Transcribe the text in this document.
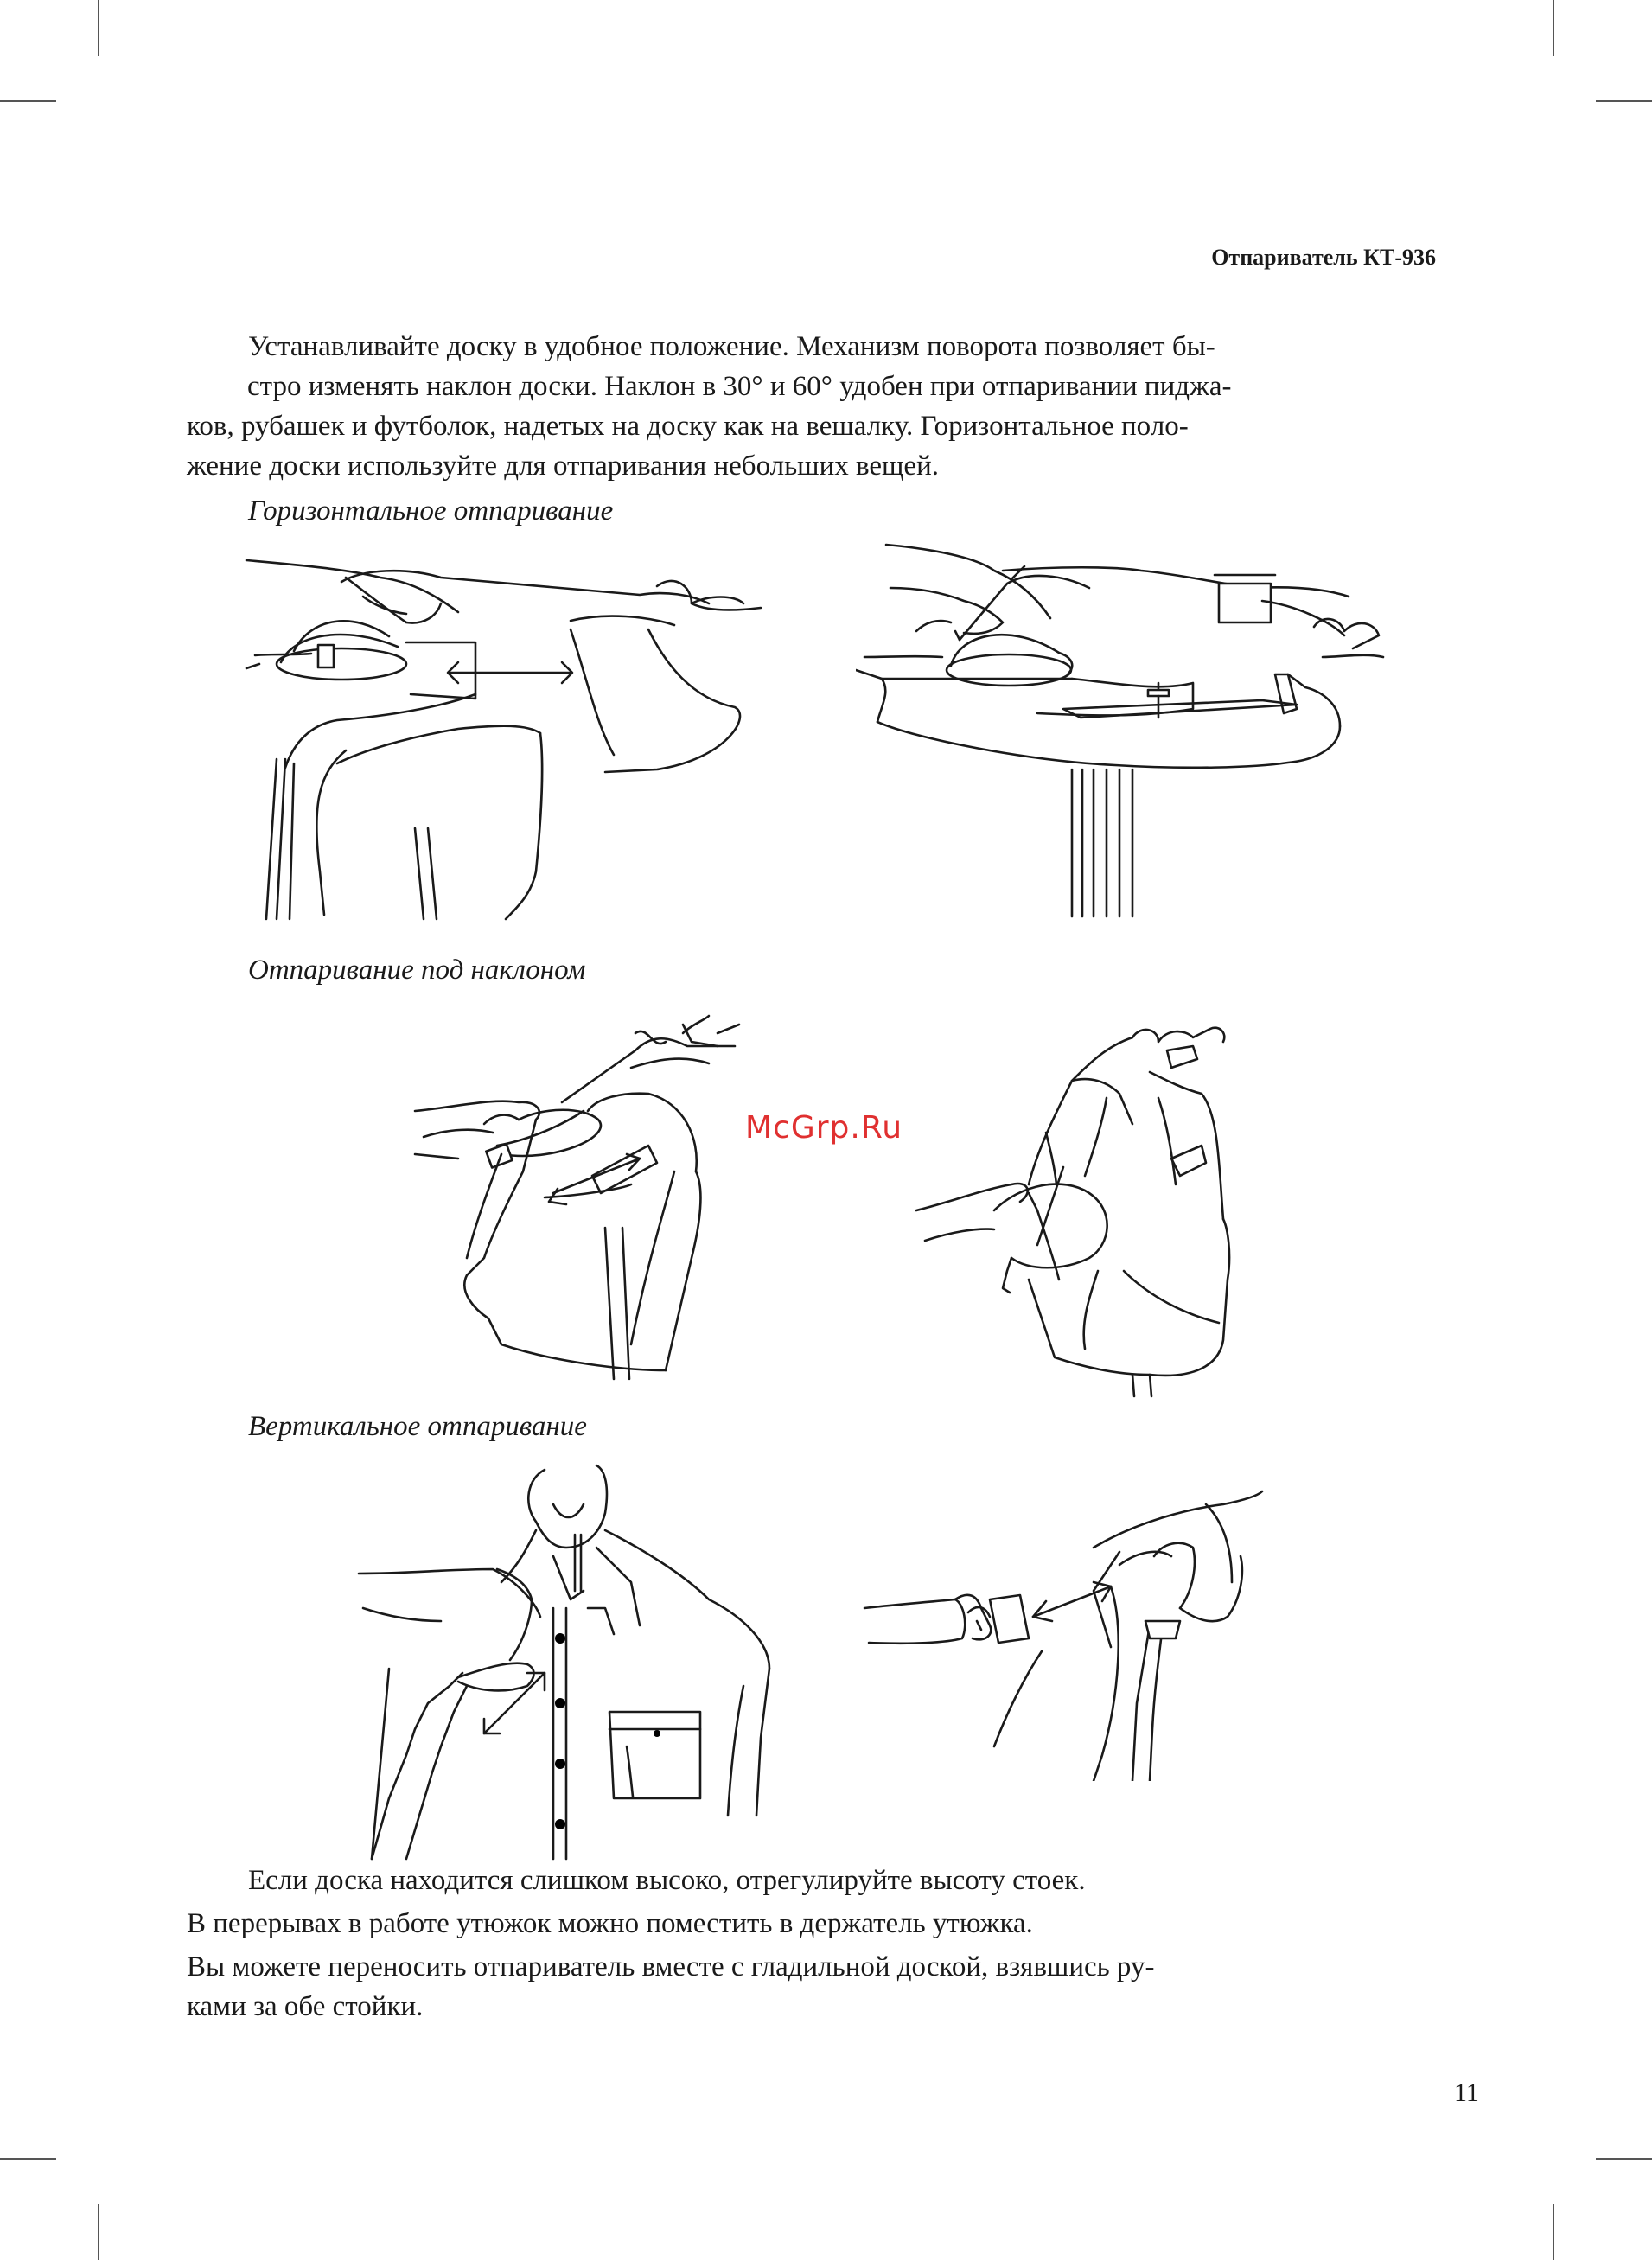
Отпариватель КТ-936
Устанавливайте доску в удобное положение. Механизм поворота позволяет бы-
стро изменять наклон доски. Наклон в 30° и 60° удобен при отпаривании пиджа-
ков, рубашек и футболок, надетых на доску как на вешалку. Горизонтальное поло-
жение доски используйте для отпаривания небольших вещей.
Горизонтальное отпаривание
Отпаривание под наклоном
McGrp.Ru
Вертикальное отпаривание
Если доска находится слишком высоко, отрегулируйте высоту стоек.
В перерывах в работе утюжок можно поместить в держатель утюжка.
Вы можете переносить отпариватель вместе с гладильной доской, взявшись ру-
ками за обе стойки.
11
